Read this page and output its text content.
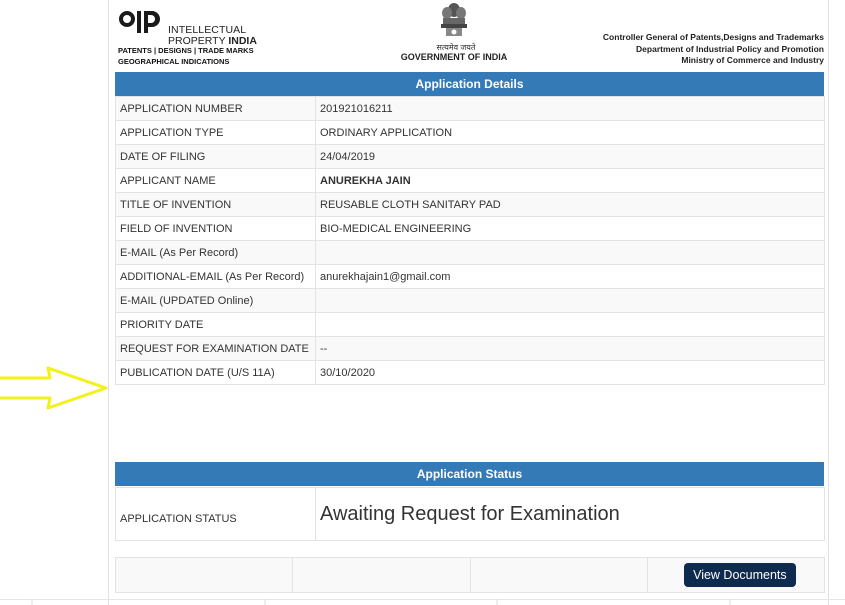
INTELLECTUAL
PROPERTY INDIA
PATENTS | DESIGNS | TRADE MARKS
GEOGRAPHICAL INDICATIONS
सत्यमेव जयते
GOVERNMENT OF INDIA
Controller General of Patents,Designs and Trademarks
Department of Industrial Policy and Promotion
Ministry of Commerce and Industry
Application Details
APPLICATION NUMBER	201921016211
APPLICATION TYPE	ORDINARY APPLICATION
DATE OF FILING	24/04/2019
APPLICANT NAME	ANUREKHA JAIN
TITLE OF INVENTION	REUSABLE CLOTH SANITARY PAD
FIELD OF INVENTION	BIO-MEDICAL ENGINEERING
E-MAIL (As Per Record)	
ADDITIONAL-EMAIL (As Per Record)	anurekhajain1@gmail.com
E-MAIL (UPDATED Online)	
PRIORITY DATE	
REQUEST FOR EXAMINATION DATE	--
PUBLICATION DATE (U/S 11A)	30/10/2020
Application Status
APPLICATION STATUS	Awaiting Request for Examination
View Documents
